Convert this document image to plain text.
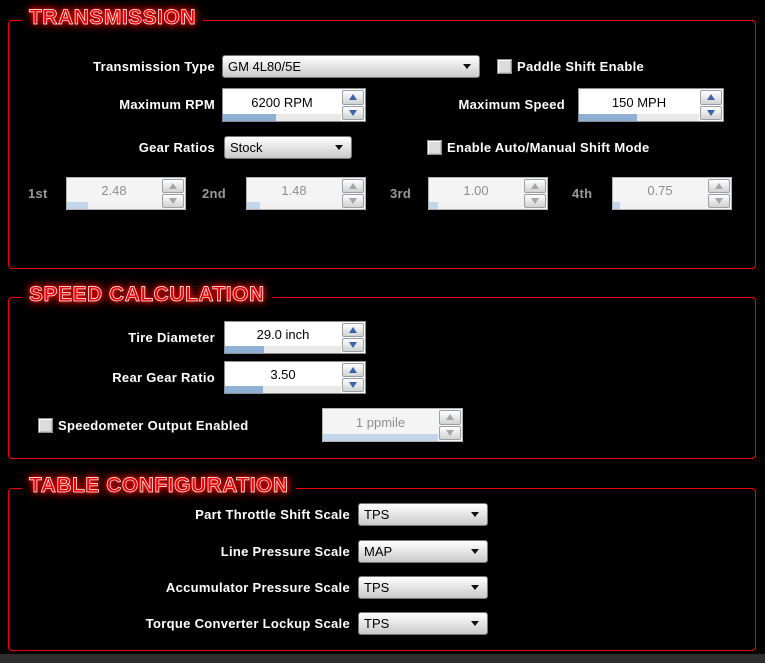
TRANSMISSION
Transmission Type GM 4L80/5E	Paddle Shift Enable
Maximum RPM	6200 RPM	Maximum Speed	150 MPH
Gear Ratios Stock	Enable Auto/Manual Shift Mode
1st	2.48	2nd	1.48	3rd	1.00	4th	0.75
SPEED CALCULATION
Tire Diameter	29.0 inch
Rear Gear Ratio	3.50
Speedometer Output Enabled	1 ppmile
TABLE CONFIGURATION
Part Throttle Shift Scale TPS
Line Pressure Scale MAP
Accumulator Pressure Scale TPS
Torque Converter Lockup Scale TPS
